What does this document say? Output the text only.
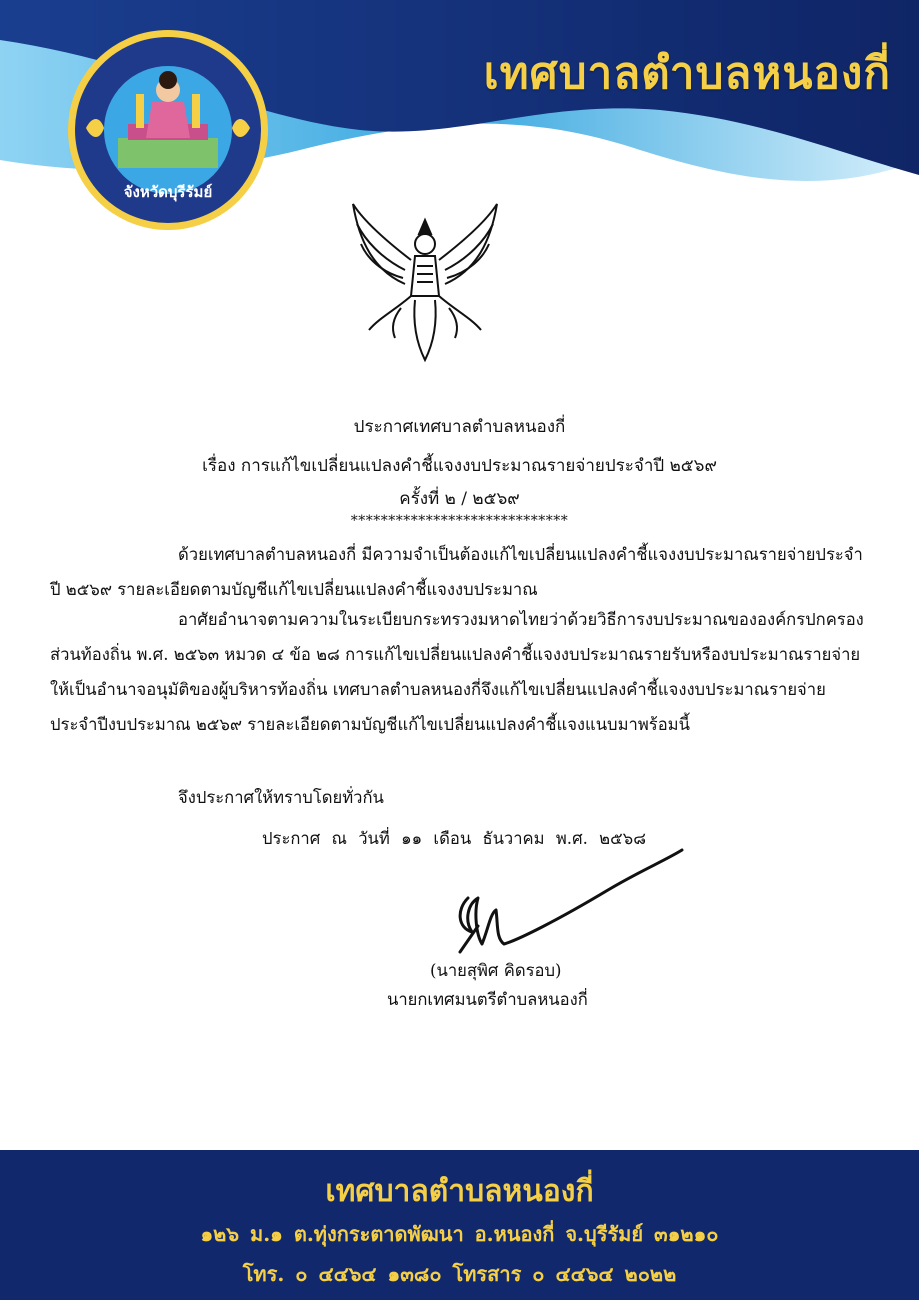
เทศบาลตำบลหนองกี่
จังหวัดบุรีรัมย์
ประกาศเทศบาลตำบลหนองกี่
เรื่อง การแก้ไขเปลี่ยนแปลงคำชี้แจงงบประมาณรายจ่ายประจำปี ๒๕๖๙
ครั้งที่ ๒ / ๒๕๖๙
*****************************
ด้วยเทศบาลตำบลหนองกี่ มีความจำเป็นต้องแก้ไขเปลี่ยนแปลงคำชี้แจงงบประมาณรายจ่ายประจำปี ๒๕๖๙ รายละเอียดตามบัญชีแก้ไขเปลี่ยนแปลงคำชี้แจงงบประมาณ
อาศัยอำนาจตามความในระเบียบกระทรวงมหาดไทยว่าด้วยวิธีการงบประมาณขององค์กรปกครองส่วนท้องถิ่น พ.ศ. ๒๕๖๓ หมวด ๔ ข้อ ๒๘ การแก้ไขเปลี่ยนแปลงคำชี้แจงงบประมาณรายรับหรืองบประมาณรายจ่ายให้เป็นอำนาจอนุมัติของผู้บริหารท้องถิ่น เทศบาลตำบลหนองกี่จึงแก้ไขเปลี่ยนแปลงคำชี้แจงงบประมาณรายจ่ายประจำปีงบประมาณ ๒๕๖๙ รายละเอียดตามบัญชีแก้ไขเปลี่ยนแปลงคำชี้แจงแนบมาพร้อมนี้
จึงประกาศให้ทราบโดยทั่วกัน
ประกาศ ณ วันที่ ๑๑ เดือน ธันวาคม พ.ศ. ๒๕๖๘
(นายสุพิศ คิดรอบ)
นายกเทศมนตรีตำบลหนองกี่
เทศบาลตำบลหนองกี่
๑๒๖ ม.๑ ต.ทุ่งกระตาดพัฒนา อ.หนองกี่ จ.บุรีรัมย์ ๓๑๒๑๐
โทร. ๐ ๔๔๖๔ ๑๓๘๐ โทรสาร ๐ ๔๔๖๔ ๒๐๒๒
